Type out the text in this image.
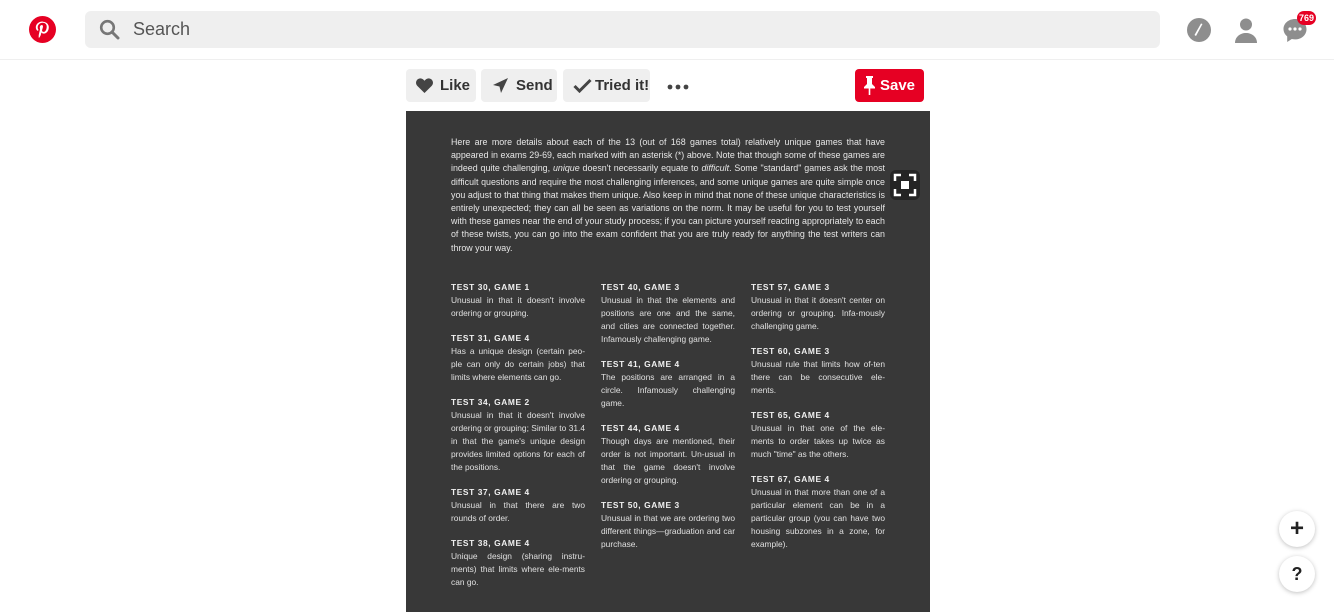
Search
769
Like	Send	Tried it!	Save
Here are more details about each of the 13 (out of 168 games total) relatively unique games that have appeared in exams 29-69, each marked with an asterisk (*) above. Note that though some of these games are indeed quite challenging, unique doesn't necessarily equate to difficult. Some "standard" games ask the most difficult questions and require the most challenging inferences, and some unique games are quite simple once you adjust to that thing that makes them unique. Also keep in mind that none of these unique characteristics is entirely unexpected; they can all be seen as variations on the norm. It may be useful for you to test yourself with these games near the end of your study process; if you can picture yourself reacting appropriately to each of these twists, you can go into the exam confident that you are truly ready for anything the test writers can throw your way.
TEST 30, GAME 1
Unusual in that it doesn't involve ordering or grouping.
TEST 31, GAME 4
Has a unique design (certain peo-ple can only do certain jobs) that limits where elements can go.
TEST 34, GAME 2
Unusual in that it doesn't involve ordering or grouping; Similar to 31.4 in that the game's unique design provides limited options for each of the positions.
TEST 37, GAME 4
Unusual in that there are two rounds of order.
TEST 38, GAME 4
Unique design (sharing instru-ments) that limits where ele-ments can go.
TEST 40, GAME 3
Unusual in that the elements and positions are one and the same, and cities are connected together. Infamously challenging game.
TEST 41, GAME 4
The positions are arranged in a circle. Infamously challenging game.
TEST 44, GAME 4
Though days are mentioned, their order is not important. Un-usual in that the game doesn't involve ordering or grouping.
TEST 50, GAME 3
Unusual in that we are ordering two different things—graduation and car purchase.
TEST 57, GAME 3
Unusual in that it doesn't center on ordering or grouping. Infa-mously challenging game.
TEST 60, GAME 3
Unusual rule that limits how of-ten there can be consecutive ele-ments.
TEST 65, GAME 4
Unusual in that one of the ele-ments to order takes up twice as much "time" as the others.
TEST 67, GAME 4
Unusual in that more than one of a particular element can be in a particular group (you can have two housing subzones in a zone, for example).
+
?
